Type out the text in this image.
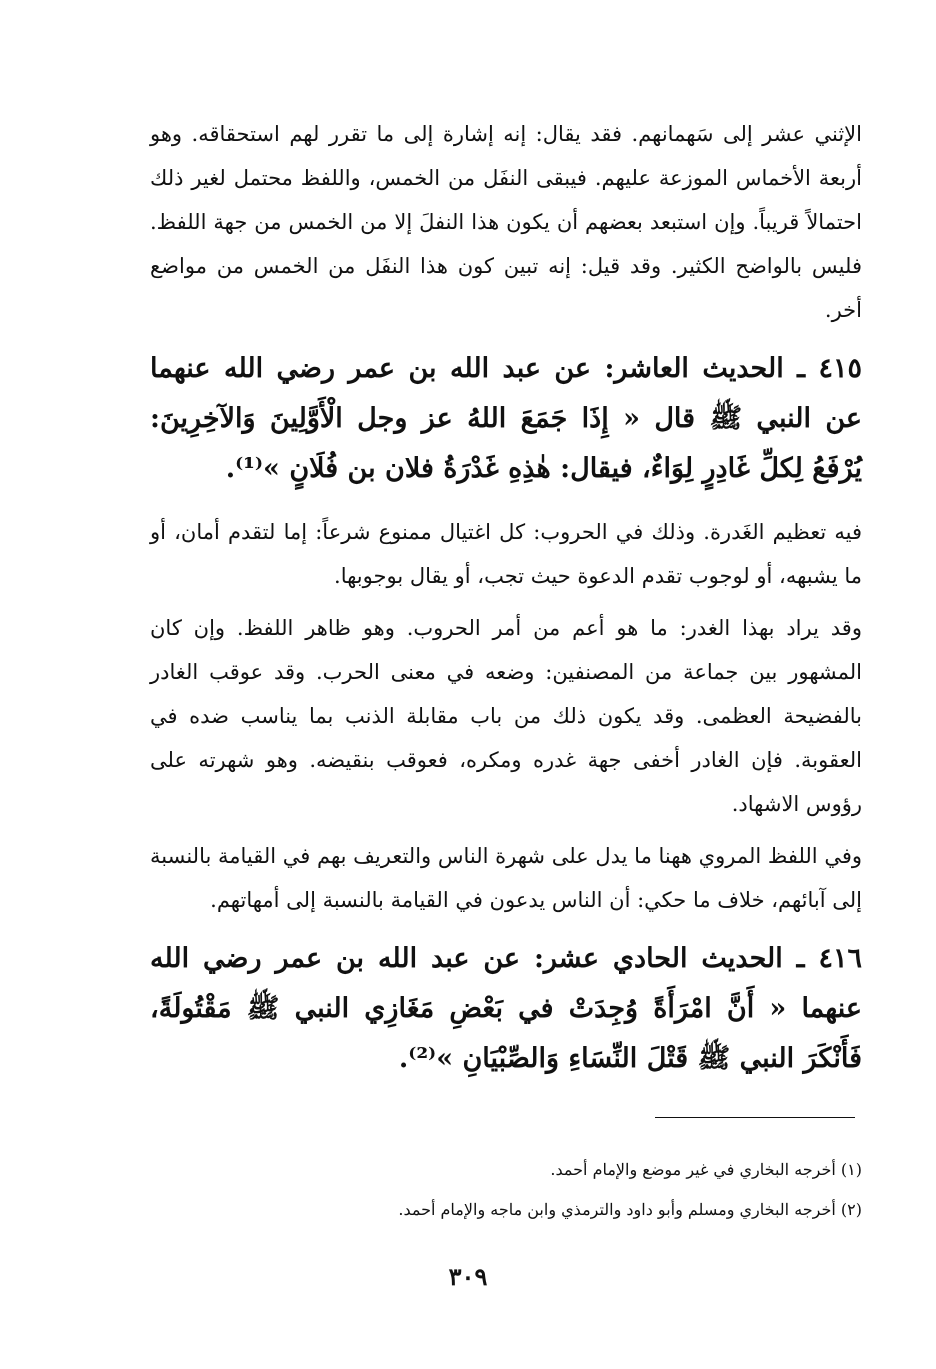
الإثني عشر إلى سَهمانهم. فقد يقال: إنه إشارة إلى ما تقرر لهم استحقاقه. وهو أربعة الأخماس الموزعة عليهم. فيبقى النفَل من الخمس، واللفظ محتمل لغير ذلك احتمالاً قريباً. وإن استبعد بعضهم أن يكون هذا النفلَ إلا من الخمس من جهة اللفظ. فليس بالواضح الكثير. وقد قيل: إنه تبين كون هذا النفَل من الخمس من مواضع أخر.

٤١٥ ـ الحديث العاشر: عن عبد الله بن عمر رضي الله عنهما عن النبي ﷺ قال « إِذَا جَمَعَ اللهُ عز وجل الْأَوَّلِينَ وَالآخِرِينَ: يُرْفَعُ لِكلِّ غَادِرٍ لِوَاءٌ، فيقال: هٰذِهِ غَدْرَةُ فلان بن فُلَانٍ »⁽¹⁾.

فيه تعظيم الغَدرة. وذلك في الحروب: كل اغتيال ممنوع شرعاً: إما لتقدم أمان، أو ما يشبهه، أو لوجوب تقدم الدعوة حيث تجب، أو يقال بوجوبها.

وقد يراد بهذا الغدر: ما هو أعم من أمر الحروب. وهو ظاهر اللفظ. وإن كان المشهور بين جماعة من المصنفين: وضعه في معنى الحرب. وقد عوقب الغادر بالفضيحة العظمى. وقد يكون ذلك من باب مقابلة الذنب بما يناسب ضده في العقوبة. فإن الغادر أخفى جهة غدره ومكره، فعوقب بنقيضه. وهو شهرته على رؤوس الاشهاد.

وفي اللفظ المروي ههنا ما يدل على شهرة الناس والتعريف بهم في القيامة بالنسبة إلى آبائهم، خلاف ما حكي: أن الناس يدعون في القيامة بالنسبة إلى أمهاتهم.

٤١٦ ـ الحديث الحادي عشر: عن عبد الله بن عمر رضي الله عنهما « أَنَّ امْرَأَةً وُجِدَتْ في بَعْضِ مَغَازِي النبي ﷺ مَقْتُولَةً، فَأَنْكَرَ النبي ﷺ قَتْلَ النِّسَاءِ وَالصِّبْيَانِ »⁽²⁾.

(١) أخرجه البخاري في غير موضع والإمام أحمد.

(٢) أخرجه البخاري ومسلم وأبو داود والترمذي وابن ماجه والإمام أحمد.

٣٠٩
